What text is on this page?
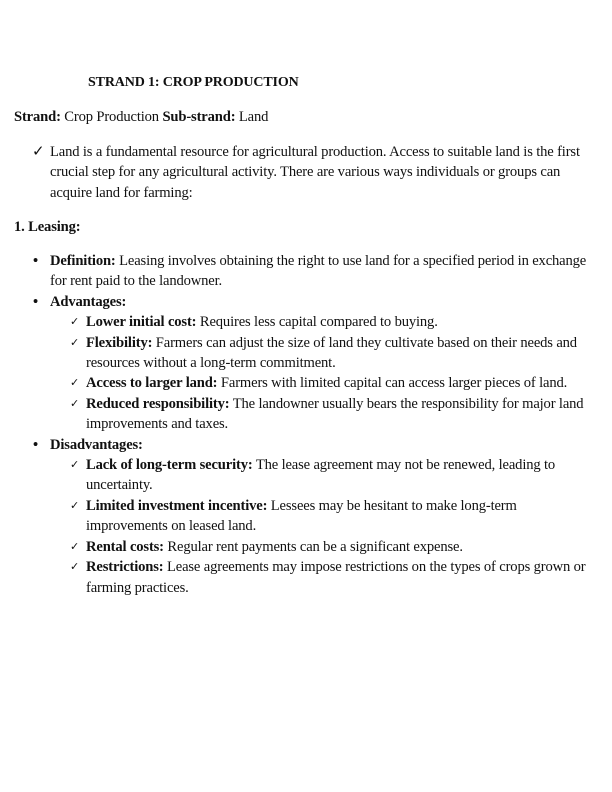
STRAND 1: CROP PRODUCTION
Strand: Crop Production Sub-strand: Land
✓ Land is a fundamental resource for agricultural production. Access to suitable land is the first crucial step for any agricultural activity. There are various ways individuals or groups can acquire land for farming:
1. Leasing:
• Definition: Leasing involves obtaining the right to use land for a specified period in exchange for rent paid to the landowner.
• Advantages:
✓ Lower initial cost: Requires less capital compared to buying.
✓ Flexibility: Farmers can adjust the size of land they cultivate based on their needs and resources without a long-term commitment.
✓ Access to larger land: Farmers with limited capital can access larger pieces of land.
✓ Reduced responsibility: The landowner usually bears the responsibility for major land improvements and taxes.
• Disadvantages:
✓ Lack of long-term security: The lease agreement may not be renewed, leading to uncertainty.
✓ Limited investment incentive: Lessees may be hesitant to make long-term improvements on leased land.
✓ Rental costs: Regular rent payments can be a significant expense.
✓ Restrictions: Lease agreements may impose restrictions on the types of crops grown or farming practices.
